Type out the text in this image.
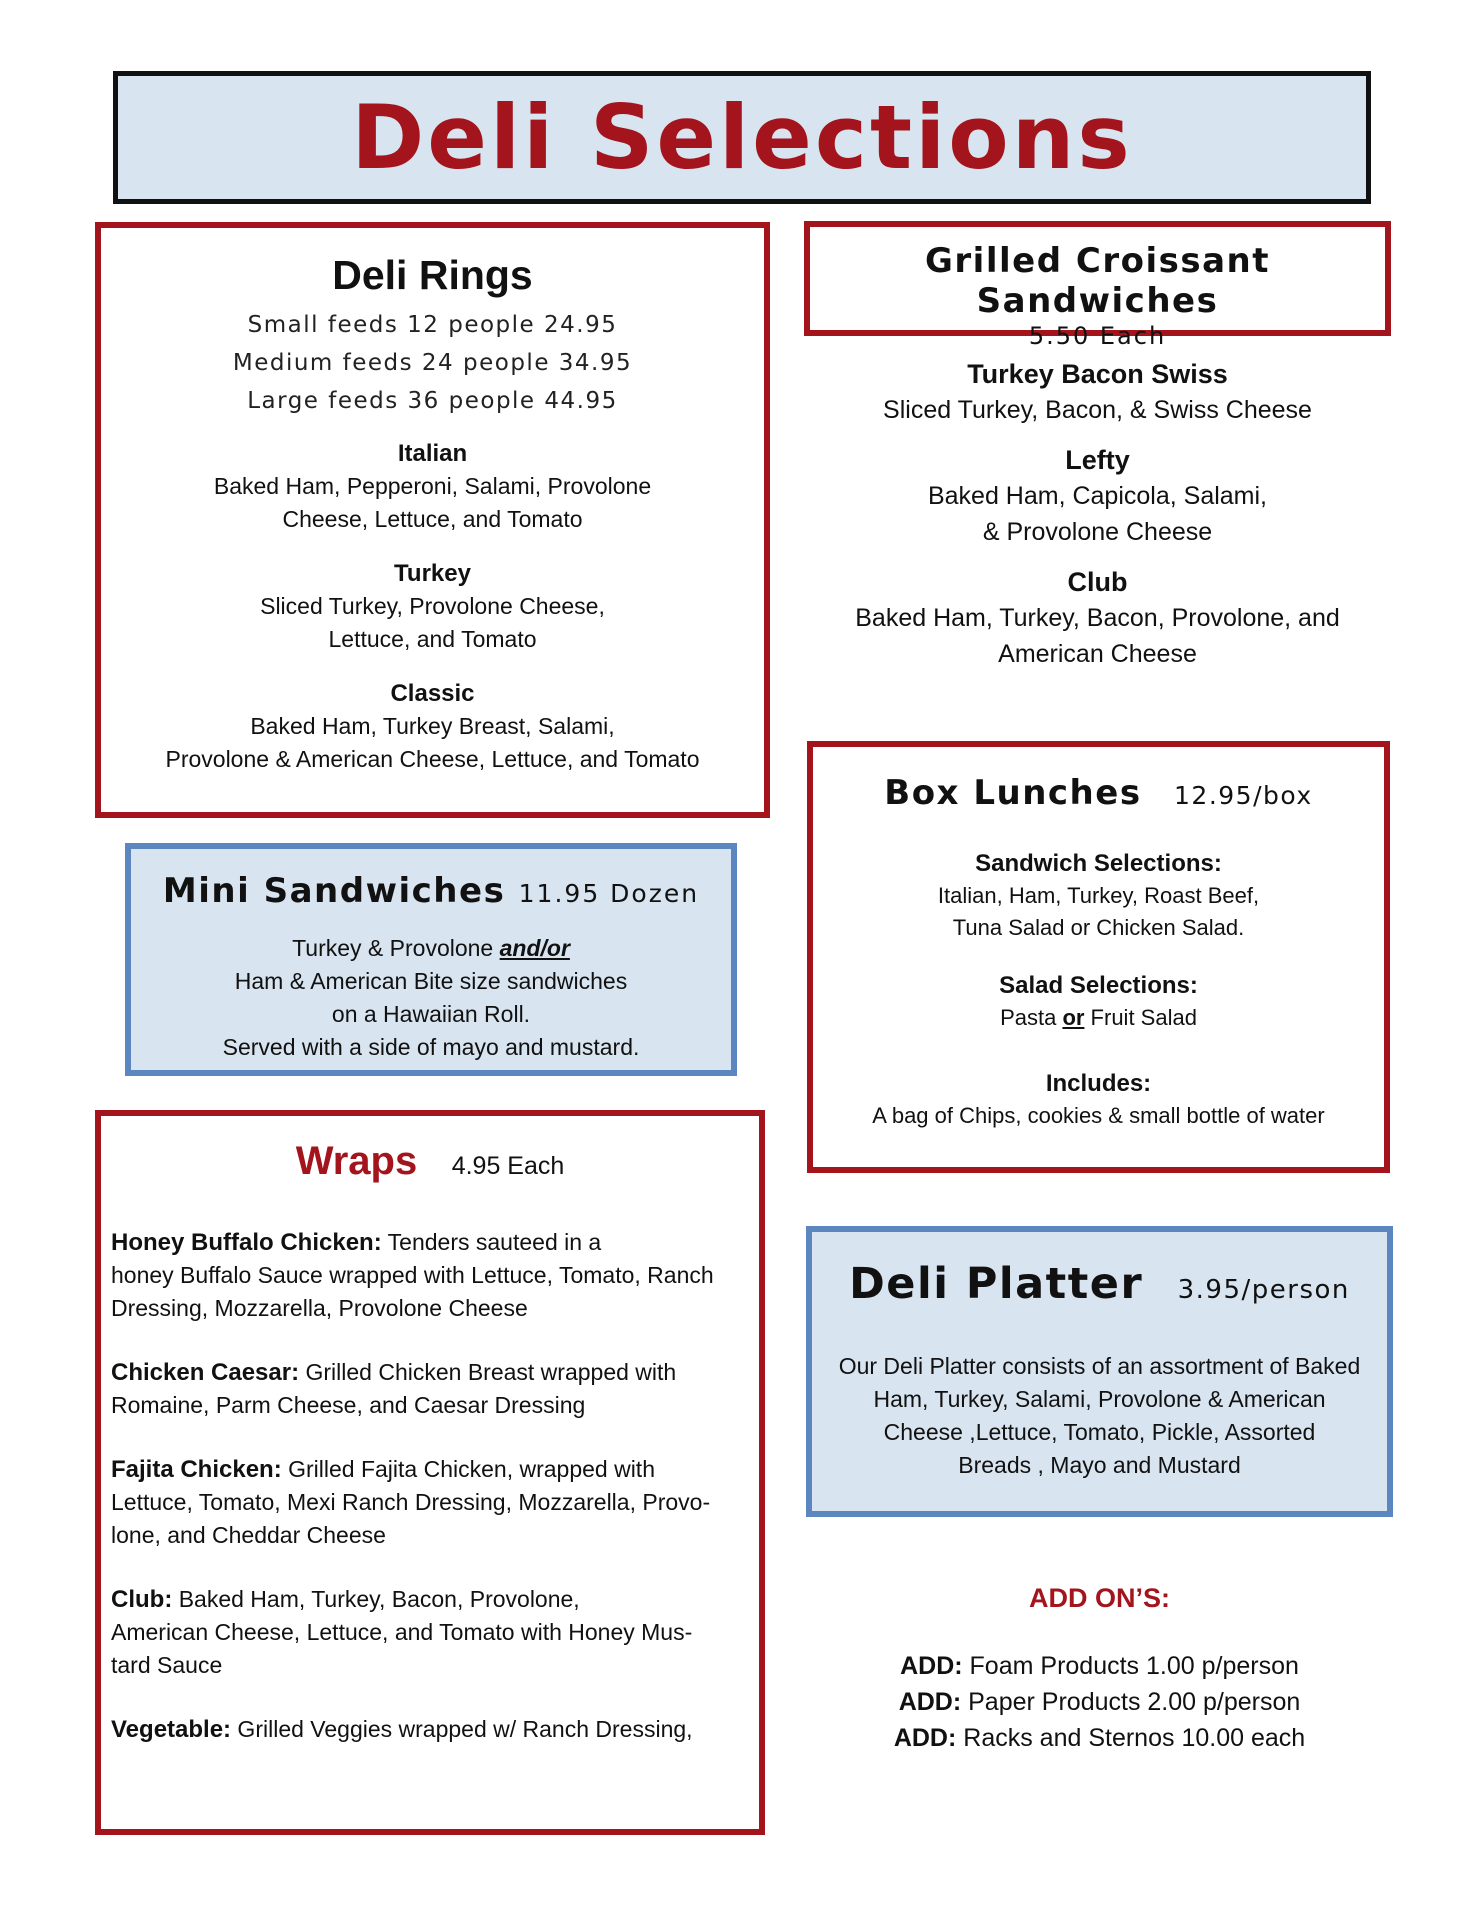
Deli Selections
Deli Rings
Small feeds 12 people 24.95
Medium feeds 24 people 34.95
Large feeds 36 people 44.95
Italian
Baked Ham, Pepperoni, Salami, Provolone
Cheese, Lettuce, and Tomato
Turkey
Sliced Turkey, Provolone Cheese,
Lettuce, and Tomato
Classic
Baked Ham, Turkey Breast, Salami,
Provolone & American Cheese, Lettuce, and Tomato
Grilled Croissant Sandwiches
5.50 Each
Turkey Bacon Swiss
Sliced Turkey, Bacon, & Swiss Cheese
Lefty
Baked Ham, Capicola, Salami,
& Provolone Cheese
Club
Baked Ham, Turkey, Bacon, Provolone, and
American Cheese
Mini Sandwiches 11.95 Dozen
Turkey & Provolone and/or
Ham & American Bite size sandwiches
on a Hawaiian Roll.
Served with a side of mayo and mustard.
Wraps 4.95 Each
Honey Buffalo Chicken: Tenders sauteed in a
honey Buffalo Sauce wrapped with Lettuce, Tomato, Ranch
Dressing, Mozzarella, Provolone Cheese
Chicken Caesar: Grilled Chicken Breast wrapped with
Romaine, Parm Cheese, and Caesar Dressing
Fajita Chicken: Grilled Fajita Chicken, wrapped with
Lettuce, Tomato, Mexi Ranch Dressing, Mozzarella, Provo-
lone, and Cheddar Cheese
Club: Baked Ham, Turkey, Bacon, Provolone,
American Cheese, Lettuce, and Tomato with Honey Mus-
tard Sauce
Vegetable: Grilled Veggies wrapped w/ Ranch Dressing,
Box Lunches 12.95/box
Sandwich Selections:
Italian, Ham, Turkey, Roast Beef,
Tuna Salad or Chicken Salad.
Salad Selections:
Pasta or Fruit Salad
Includes:
A bag of Chips, cookies & small bottle of water
Deli Platter 3.95/person
Our Deli Platter consists of an assortment of Baked
Ham, Turkey, Salami, Provolone & American
Cheese ,Lettuce, Tomato, Pickle, Assorted
Breads , Mayo and Mustard
ADD ON’S:
ADD: Foam Products 1.00 p/person
ADD: Paper Products 2.00 p/person
ADD: Racks and Sternos 10.00 each
